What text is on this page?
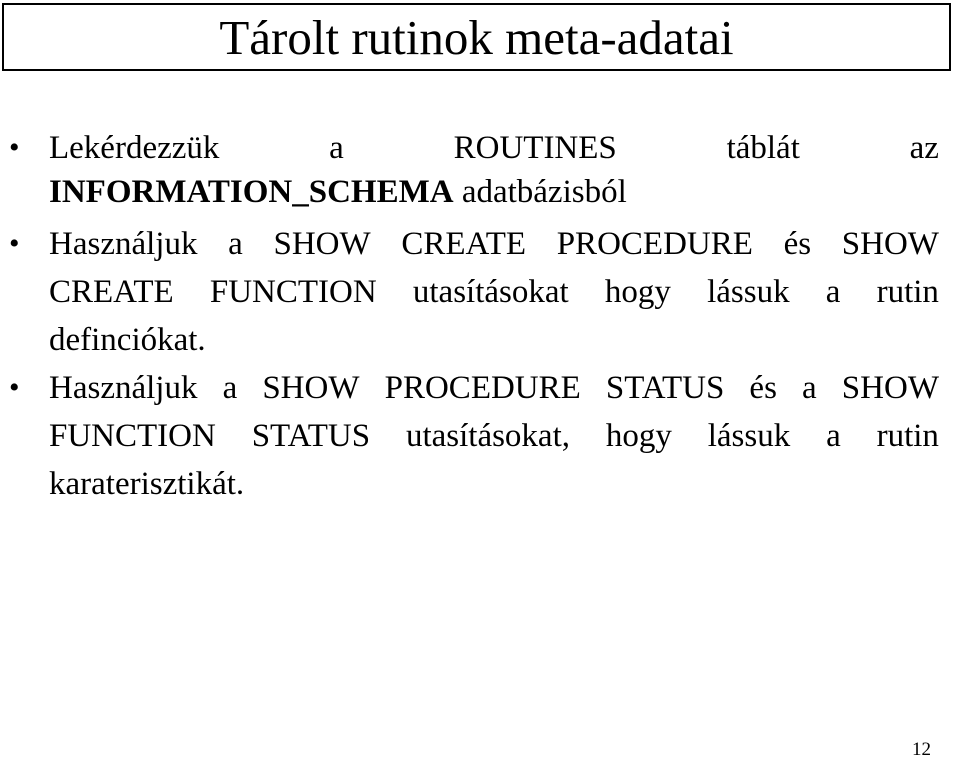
Tárolt rutinok meta-adatai
• Lekérdezzük	a	ROUTINES	táblát	az
INFORMATION_SCHEMA adatbázisból
• Használjuk a SHOW CREATE PROCEDURE és SHOW
CREATE FUNCTION utasításokat hogy lássuk a rutin
definciókat.
• Használjuk a SHOW PROCEDURE STATUS és a SHOW
FUNCTION STATUS utasításokat, hogy lássuk a rutin
karaterisztikát.
12
